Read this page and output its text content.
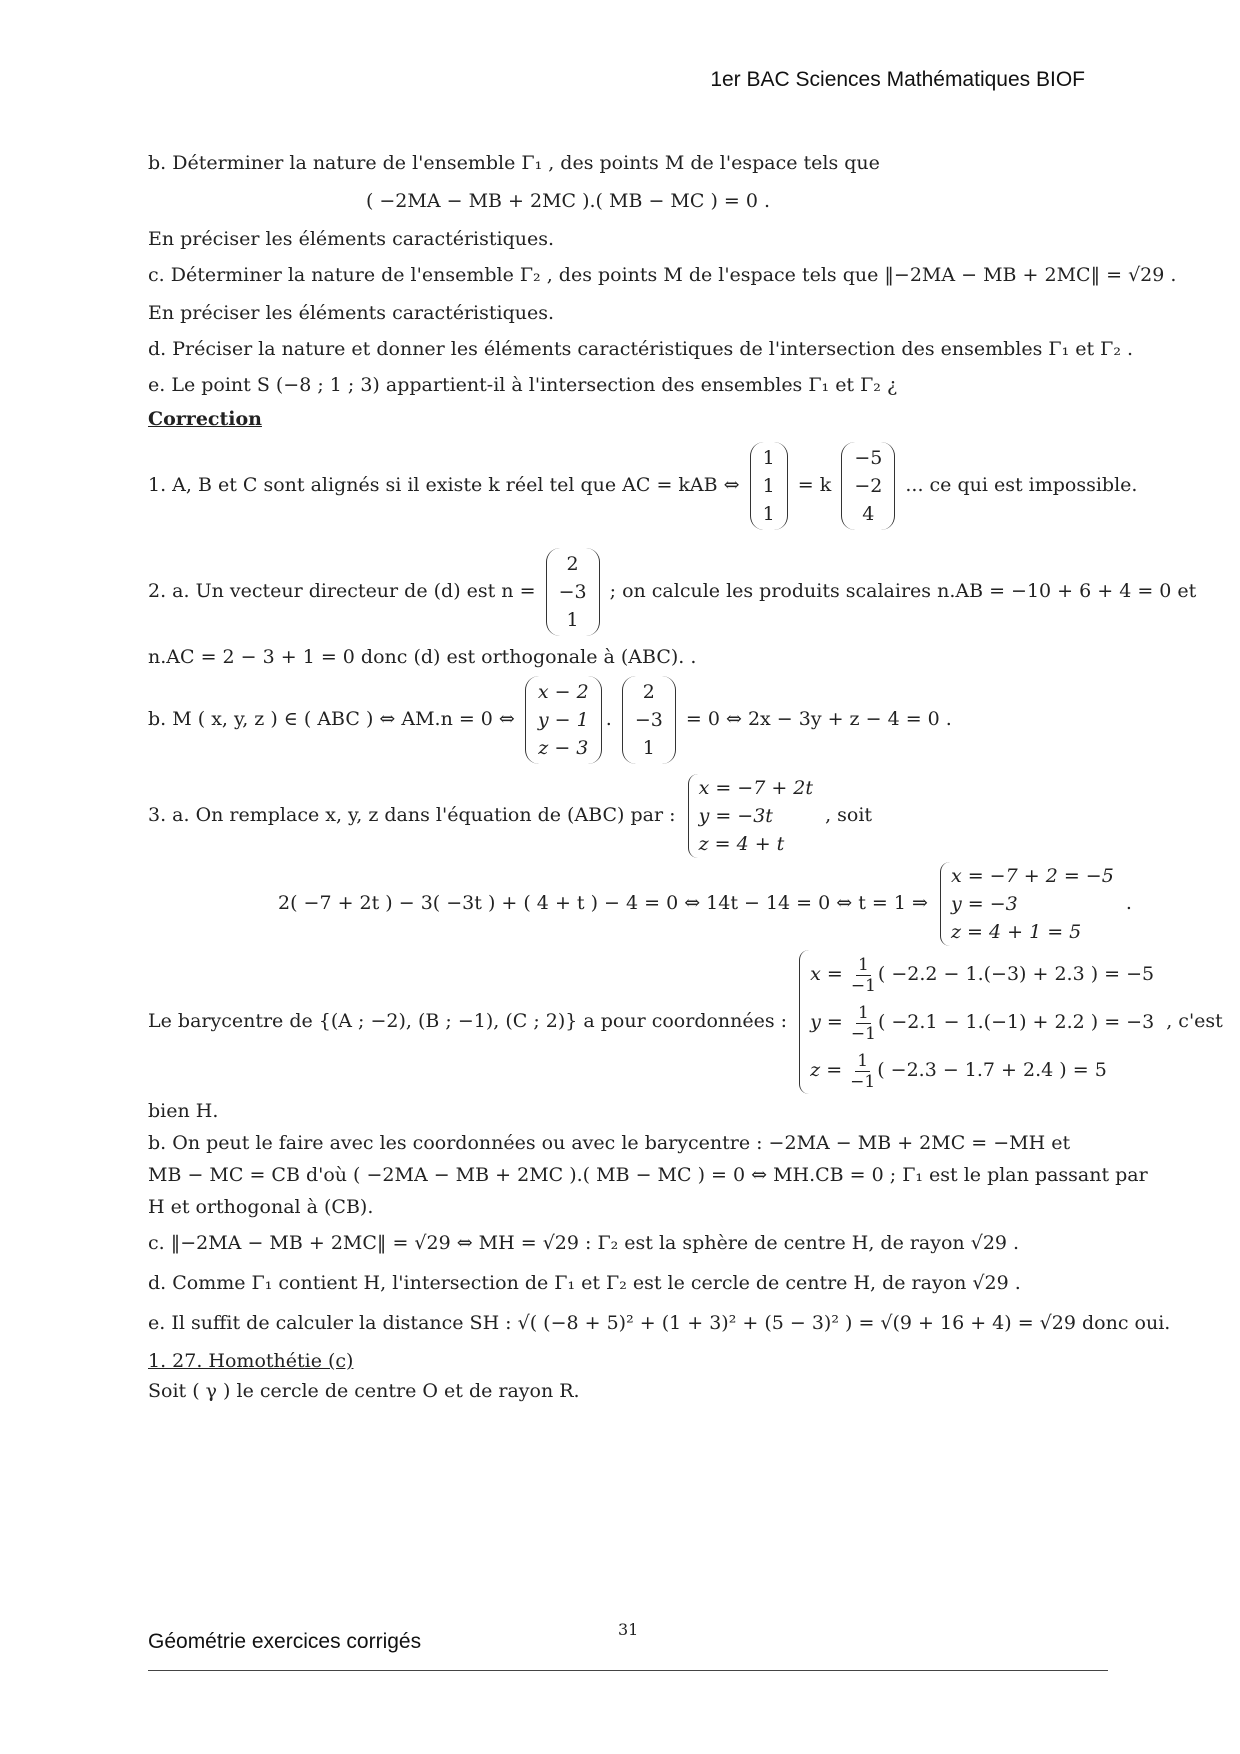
1er BAC Sciences Mathématiques BIOF
b. Déterminer la nature de l'ensemble Γ₁ , des points M de l'espace tels que
( −2MA − MB + 2MC ).( MB − MC ) = 0 .
En préciser les éléments caractéristiques.
c. Déterminer la nature de l'ensemble Γ₂ , des points M de l'espace tels que ‖−2MA − MB + 2MC‖ = √29 .
En préciser les éléments caractéristiques.
d. Préciser la nature et donner les éléments caractéristiques de l'intersection des ensembles Γ₁ et Γ₂ .
e. Le point S (−8 ; 1 ; 3) appartient-il à l'intersection des ensembles Γ₁ et Γ₂ ¿
Correction
1. A, B et C sont alignés si il existe k réel tel que AC = kAB ⇔
1
1
1
= k
−5
−2
4
... ce qui est impossible.
2. a. Un vecteur directeur de (d) est n =
2
−3
1
; on calcule les produits scalaires n.AB = −10 + 6 + 4 = 0 et
n.AC = 2 − 3 + 1 = 0 donc (d) est orthogonale à (ABC). .
b. M ( x, y, z ) ∈ ( ABC ) ⇔ AM.n = 0 ⇔
x − 2
y − 1
z − 3
.
2
−3
1
= 0 ⇔ 2x − 3y + z − 4 = 0 .
3. a. On remplace x, y, z dans l'équation de (ABC) par :
x = −7 + 2t
y = −3t
z = 4 + t
, soit
2( −7 + 2t ) − 3( −3t ) + ( 4 + t ) − 4 = 0 ⇔ 14t − 14 = 0 ⇔ t = 1 ⇒
x = −7 + 2 = −5
y = −3
z = 4 + 1 = 5
.
Le barycentre de {(A ; −2), (B ; −1), (C ; 2)} a pour coordonnées :
$x = \frac{1}{-1}$ ( −2.2 − 1.(−3) + 2.3 ) = −5
$y = \frac{1}{-1}$ ( −2.1 − 1.(−1) + 2.2 ) = −3
$z = \frac{1}{-1}$ ( −2.3 − 1.7 + 2.4 ) = 5
, c'est
bien H.
b. On peut le faire avec les coordonnées ou avec le barycentre : −2MA − MB + 2MC = −MH et
MB − MC = CB d'où ( −2MA − MB + 2MC ).( MB − MC ) = 0 ⇔ MH.CB = 0 ; Γ₁ est le plan passant par
H et orthogonal à (CB).
c. ‖−2MA − MB + 2MC‖ = √29 ⇔ MH = √29 : Γ₂ est la sphère de centre H, de rayon √29 .
d. Comme Γ₁ contient H, l'intersection de Γ₁ et Γ₂ est le cercle de centre H, de rayon √29 .
e. Il suffit de calculer la distance SH : √( (−8 + 5)² + (1 + 3)² + (5 − 3)² ) = √(9 + 16 + 4) = √29 donc oui.
1. 27. Homothétie (c)
Soit ( γ ) le cercle de centre O et de rayon R.
Géométrie exercices corrigés
31
